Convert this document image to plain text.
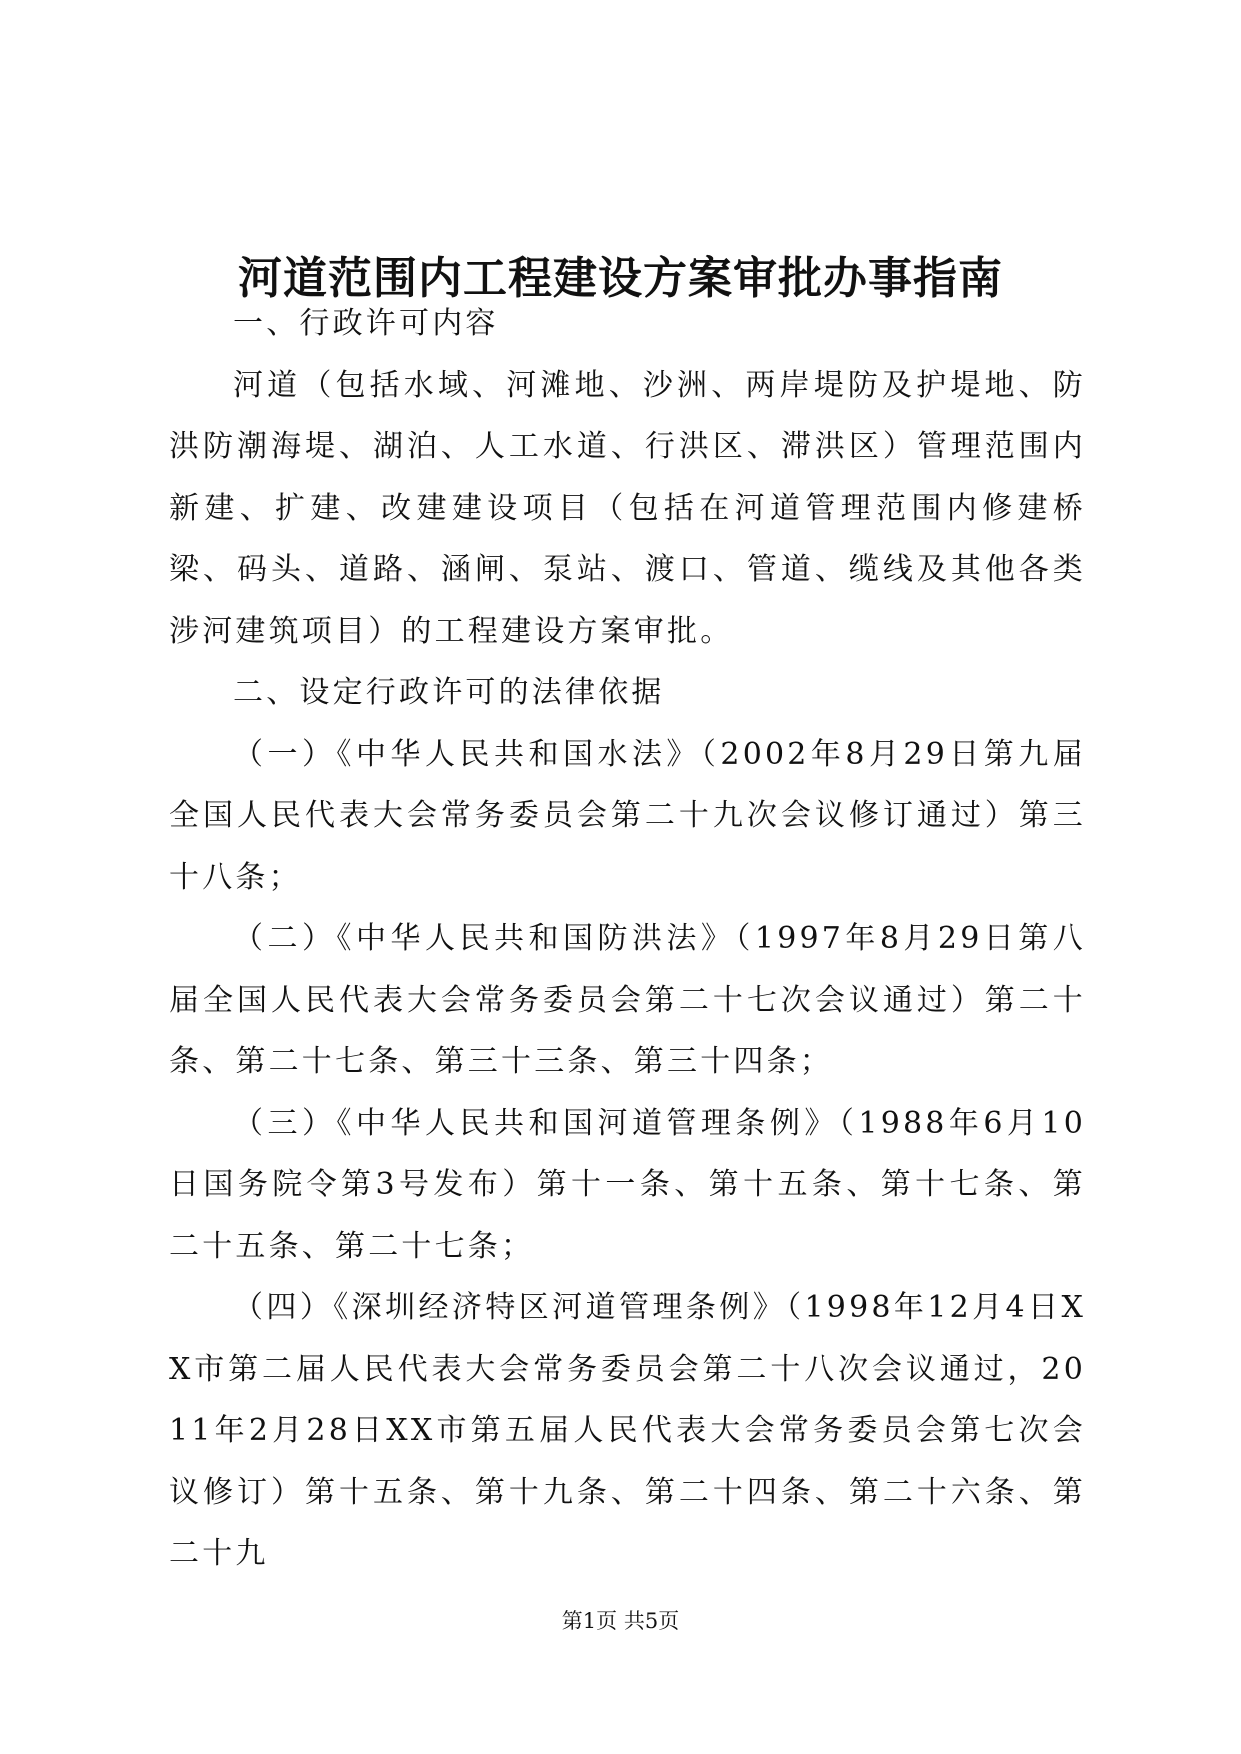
河道范围内工程建设方案审批办事指南

一、行政许可内容

河道（包括水域、河滩地、沙洲、两岸堤防及护堤地、防洪防潮海堤、湖泊、人工水道、行洪区、滞洪区）管理范围内新建、扩建、改建建设项目（包括在河道管理范围内修建桥梁、码头、道路、涵闸、泵站、渡口、管道、缆线及其他各类涉河建筑项目）的工程建设方案审批。

二、设定行政许可的法律依据

（一）《中华人民共和国水法》（2002年8月29日第九届全国人民代表大会常务委员会第二十九次会议修订通过）第三十八条；

（二）《中华人民共和国防洪法》（1997年8月29日第八届全国人民代表大会常务委员会第二十七次会议通过）第二十条、第二十七条、第三十三条、第三十四条；

（三）《中华人民共和国河道管理条例》（1988年6月10日国务院令第3号发布）第十一条、第十五条、第十七条、第二十五条、第二十七条；

（四）《深圳经济特区河道管理条例》（1998年12月4日XX市第二届人民代表大会常务委员会第二十八次会议通过，2011年2月28日XX市第五届人民代表大会常务委员会第七次会议修订）第十五条、第十九条、第二十四条、第二十六条、第二十九

第1页 共5页
